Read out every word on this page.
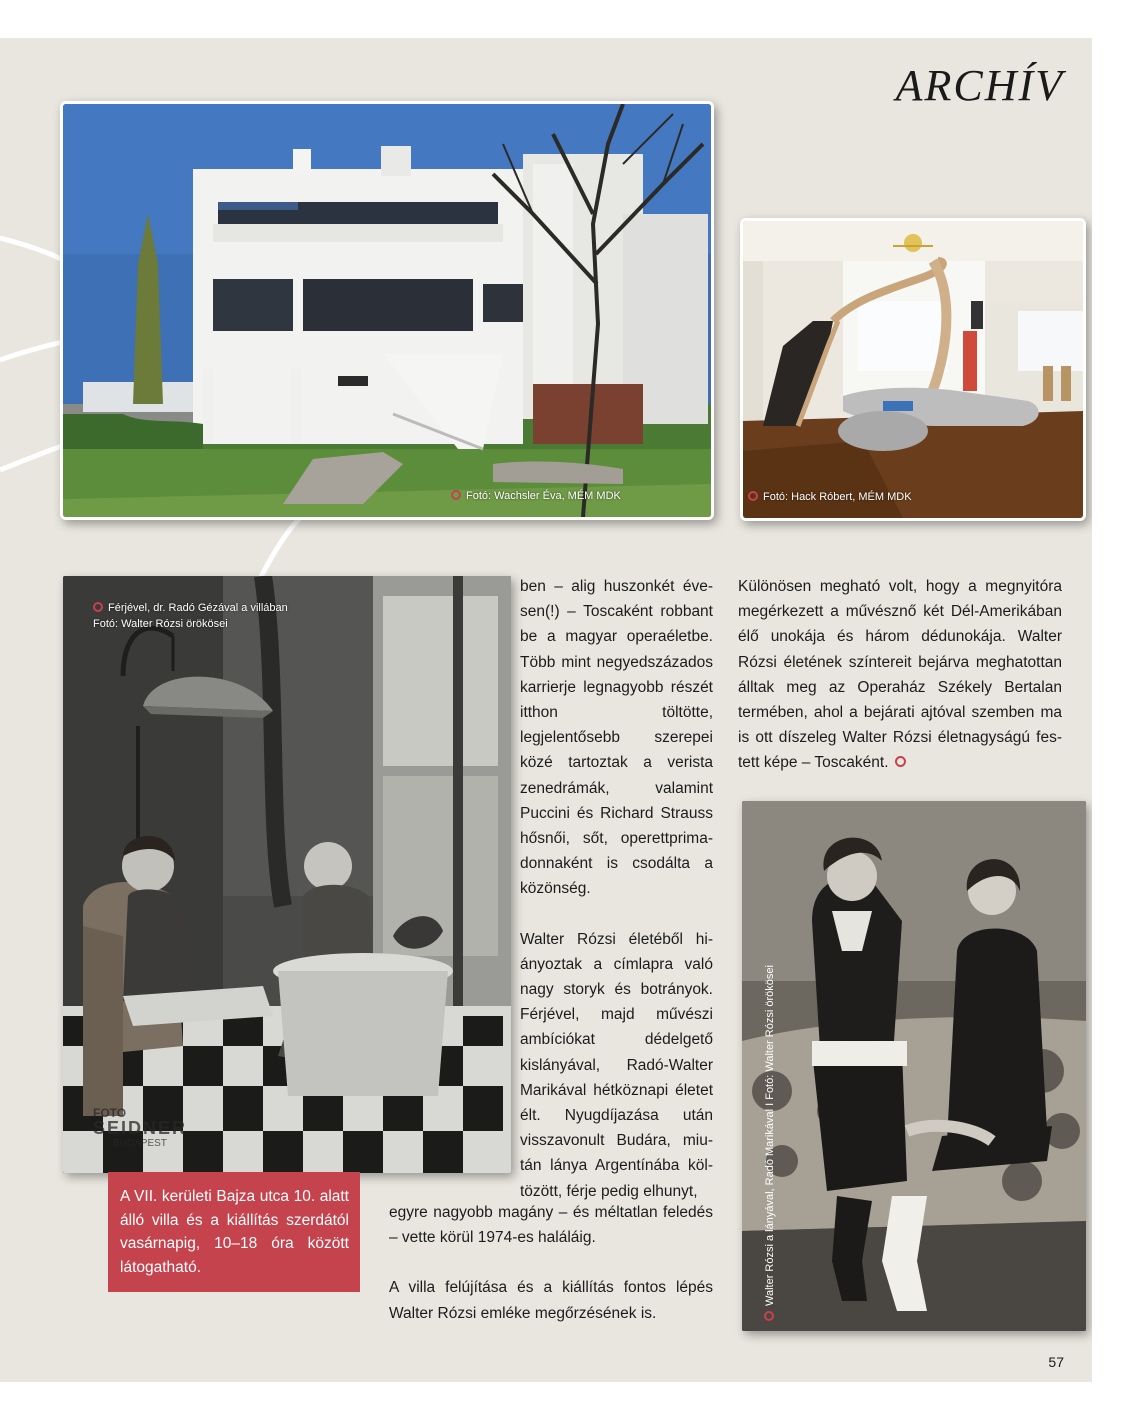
ARCHÍV
Fotó: Wachsler Éva, MÉM MDK	Fotó: Hack Róbert, MÉM MDK
Férjével, dr. Radó Gézával a villában
Fotó: Walter Rózsi örökösei
FOTO
SEIDNER
BUDAPEST	Walter Rózsi a lányával, Radó Marikával I Fotó: Walter Rózsi örökösei

ben – alig huszonkét évesen(!) – Toscaként robbant be a magyar operaéletbe. Több mint negyedszázados karrierje legnagyobb részét itthon töltötte, legjelentősebb szerepei közé tartoztak a verista zenedrámák, valamint Puccini és Richard Strauss hősnői, sőt, operettprimadonnaként is csodálta a közönség.

Walter Rózsi életéből hiányoztak a címlapra való nagy storyk és botrányok. Férjével, majd művészi ambíciókat dédelgető kislányával, Radó-Walter Marikával hétköznapi életet élt. Nyugdíjazása után visszavonult Budára, miután lánya Argentínába költözött, férje pedig elhunyt,

egyre nagyobb magány – és méltatlan feledés – vette körül 1974-es haláláig.

A villa felújítása és a kiállítás fontos lépés Walter Rózsi emléke megőrzésének is.

Különösen megható volt, hogy a megnyitóra megérkezett a művésznő két Dél-Amerikában élő unokája és három dédunokája. Walter Rózsi életének színtereit bejárva meghatottan álltak meg az Operaház Székely Bertalan termében, ahol a bejárati ajtóval szemben ma is ott díszeleg Walter Rózsi életnagyságú festett képe – Toscaként.

A VII. kerületi Bajza utca 10. alatt álló villa és a kiállítás szerdától vasárnapig, 10–18 óra között látogatható.
57
